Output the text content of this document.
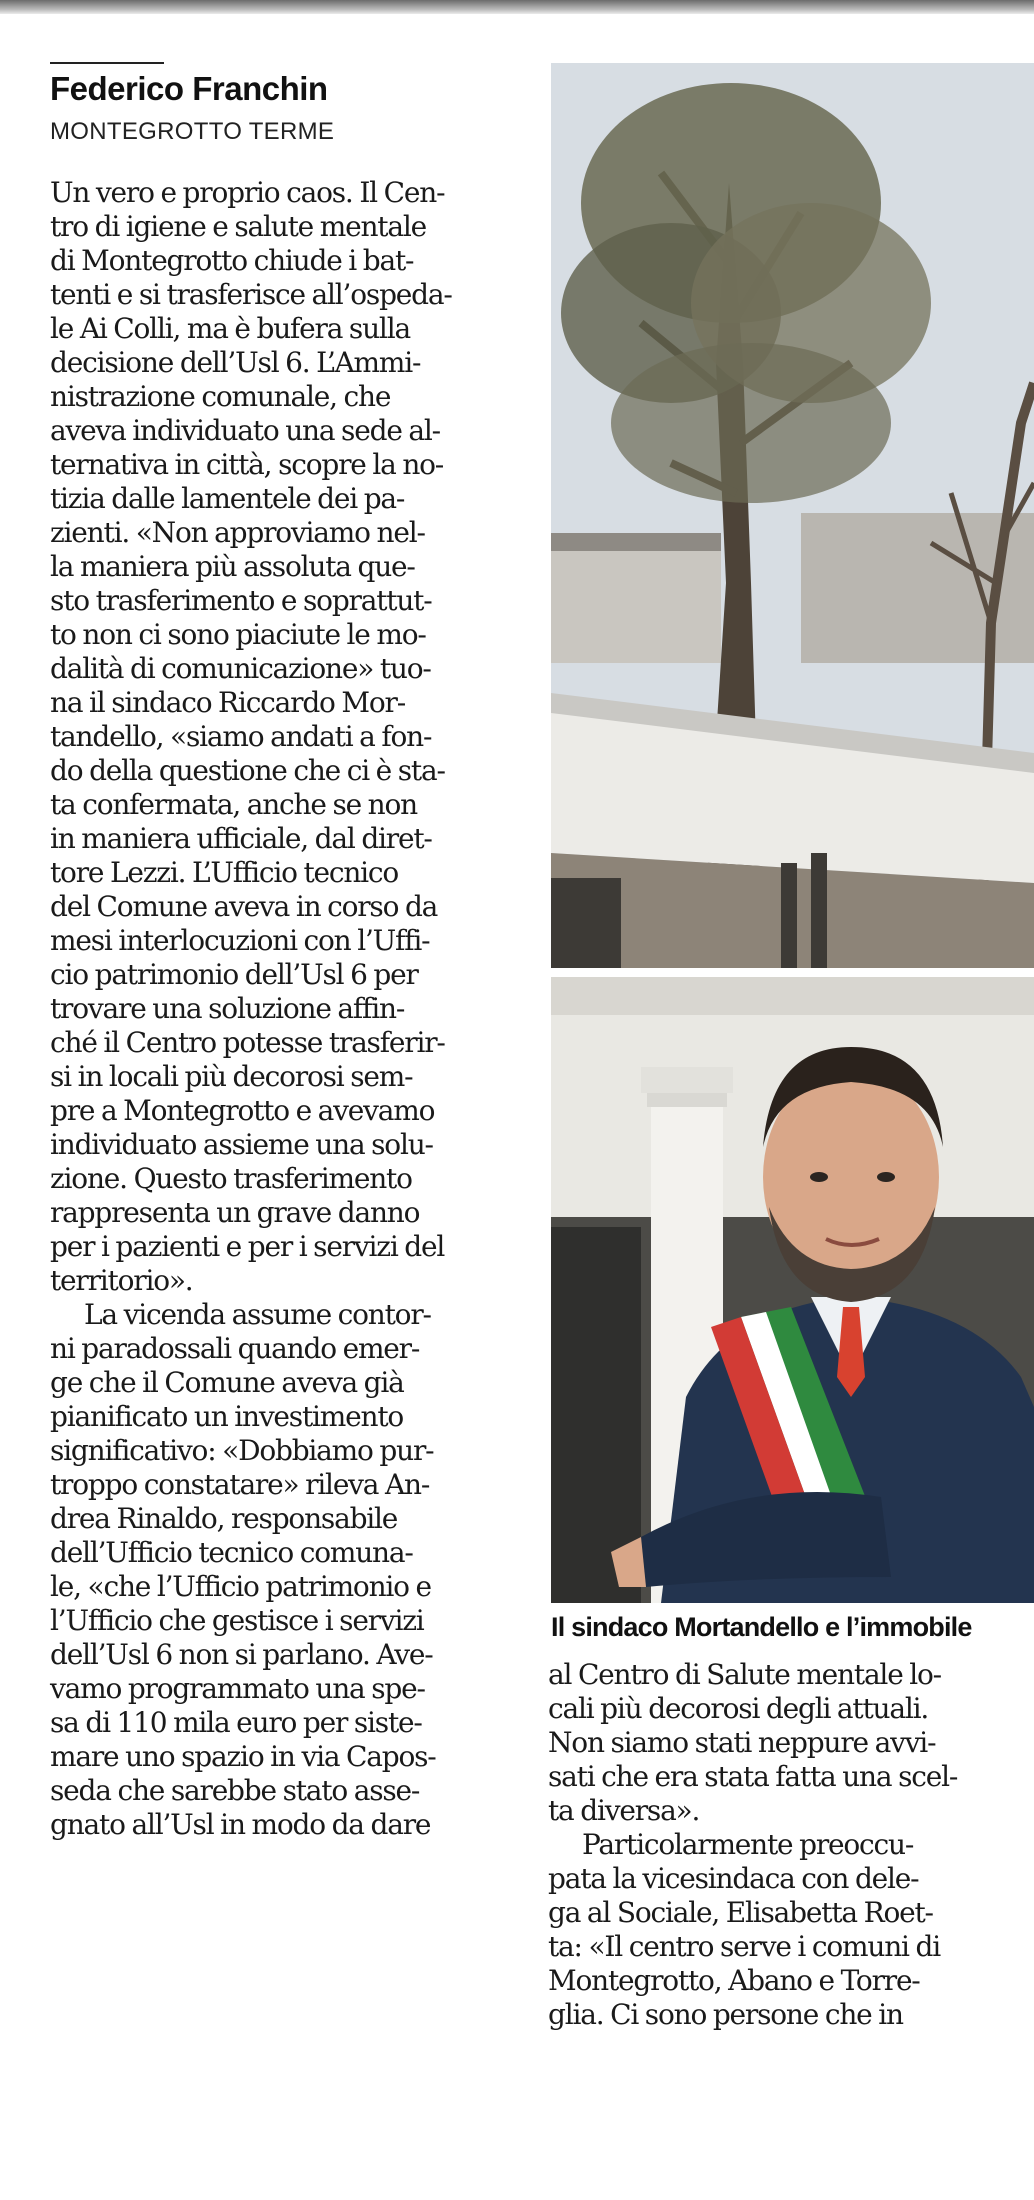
Federico Franchin
MONTEGROTTO TERME
Un vero e proprio caos. Il Cen-
tro di igiene e salute mentale
di Montegrotto chiude i bat-
tenti e si trasferisce all’ospeda-
le Ai Colli, ma è bufera sulla
decisione dell’Usl 6. L’Ammi-
nistrazione comunale, che
aveva individuato una sede al-
ternativa in città, scopre la no-
tizia dalle lamentele dei pa-
zienti. «Non approviamo nel-
la maniera più assoluta que-
sto trasferimento e soprattut-
to non ci sono piaciute le mo-
dalità di comunicazione» tuo-
na il sindaco Riccardo Mor-
tandello, «siamo andati a fon-
do della questione che ci è sta-
ta confermata, anche se non
in maniera ufficiale, dal diret-
tore Lezzi. L’Ufficio tecnico
del Comune aveva in corso da
mesi interlocuzioni con l’Uffi-
cio patrimonio dell’Usl 6 per
trovare una soluzione affin-
ché il Centro potesse trasferir-
si in locali più decorosi sem-
pre a Montegrotto e avevamo
individuato assieme una solu-
zione. Questo trasferimento
rappresenta un grave danno
per i pazienti e per i servizi del
territorio».
La vicenda assume contor-
ni paradossali quando emer-
ge che il Comune aveva già
pianificato un investimento
significativo: «Dobbiamo pur-
troppo constatare» rileva An-
drea Rinaldo, responsabile
dell’Ufficio tecnico comuna-
le, «che l’Ufficio patrimonio e
l’Ufficio che gestisce i servizi
dell’Usl 6 non si parlano. Ave-
vamo programmato una spe-
sa di 110 mila euro per siste-
mare uno spazio in via Capos-
seda che sarebbe stato asse-
gnato all’Usl in modo da dare
Il sindaco Mortandello e l’immobile
al Centro di Salute mentale lo-
cali più decorosi degli attuali.
Non siamo stati neppure avvi-
sati che era stata fatta una scel-
ta diversa».
Particolarmente preoccu-
pata la vicesindaca con dele-
ga al Sociale, Elisabetta Roet-
ta: «Il centro serve i comuni di
Montegrotto, Abano e Torre-
glia. Ci sono persone che in
